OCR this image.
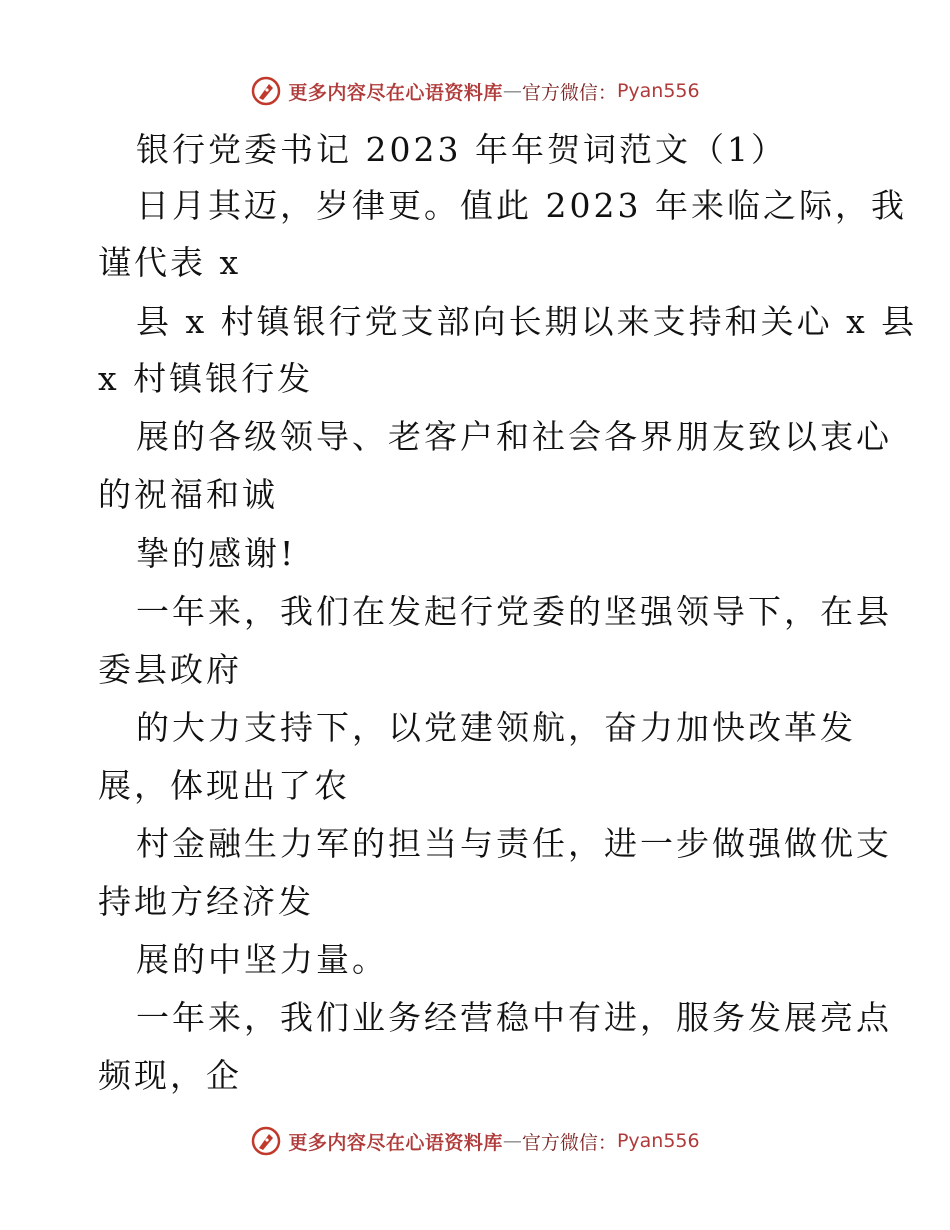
更多内容尽在心语资料库 — 官方微信： Pyan556
银行党委书记 2023 年年贺词范文（1）
日月其迈，岁律更。值此 2023 年来临之际，我
谨代表 x
县 x 村镇银行党支部向长期以来支持和关心 x 县
x 村镇银行发
展的各级领导、老客户和社会各界朋友致以衷心
的祝福和诚
挚的感谢!
一年来，我们在发起行党委的坚强领导下，在县
委县政府
的大力支持下，以党建领航，奋力加快改革发
展，体现出了农
村金融生力军的担当与责任，进一步做强做优支
持地方经济发
展的中坚力量。
一年来，我们业务经营稳中有进，服务发展亮点
频现，企
更多内容尽在心语资料库 — 官方微信： Pyan556
